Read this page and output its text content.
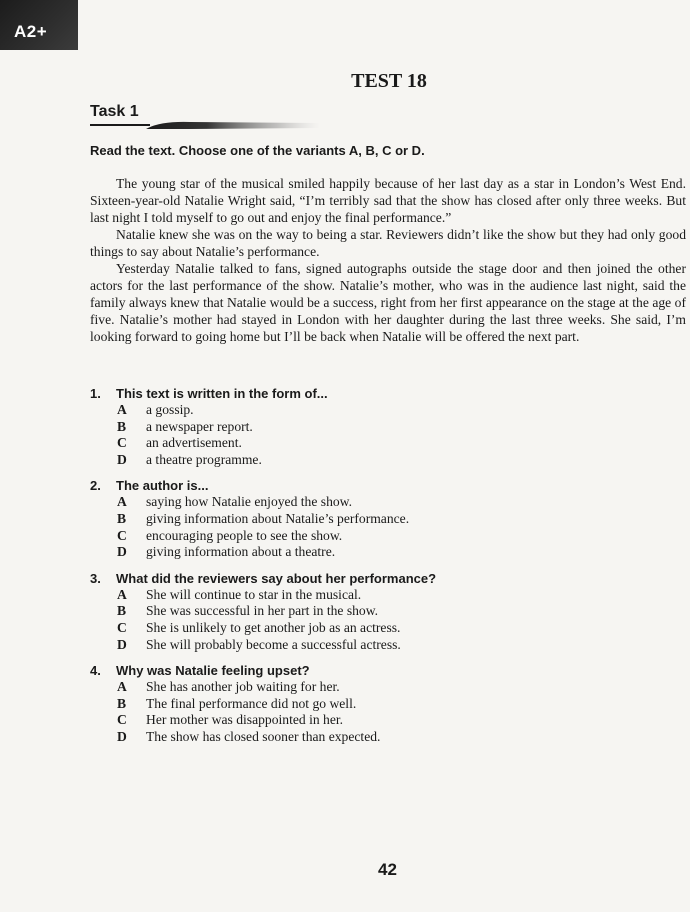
A2+
TEST 18
Task 1
Read the text. Choose one of the variants A, B, C or D.

The young star of the musical smiled happily because of her last day as a star in London’s West End. Sixteen-year-old Natalie Wright said, “I’m terribly sad that the show has closed after only three weeks. But last night I told myself to go out and enjoy the final performance.”

Natalie knew she was on the way to being a star. Reviewers didn’t like the show but they had only good things to say about Natalie’s performance.

Yesterday Natalie talked to fans, signed autographs outside the stage door and then joined the other actors for the last performance of the show. Natalie’s mother, who was in the audience last night, said the family always knew that Natalie would be a success, right from her first appearance on the stage at the age of five. Natalie’s mother had stayed in London with her daughter during the last three weeks. She said, I’m looking forward to going home but I’ll be back when Natalie will be offered the next part.

1. This text is written in the form of...
A a gossip.
B a newspaper report.
C an advertisement.
D a theatre programme.
2. The author is...
A saying how Natalie enjoyed the show.
B giving information about Natalie’s performance.
C encouraging people to see the show.
D giving information about a theatre.
3. What did the reviewers say about her performance?
A She will continue to star in the musical.
B She was successful in her part in the show.
C She is unlikely to get another job as an actress.
D She will probably become a successful actress.
4. Why was Natalie feeling upset?
A She has another job waiting for her.
B The final performance did not go well.
C Her mother was disappointed in her.
D The show has closed sooner than expected.
42
